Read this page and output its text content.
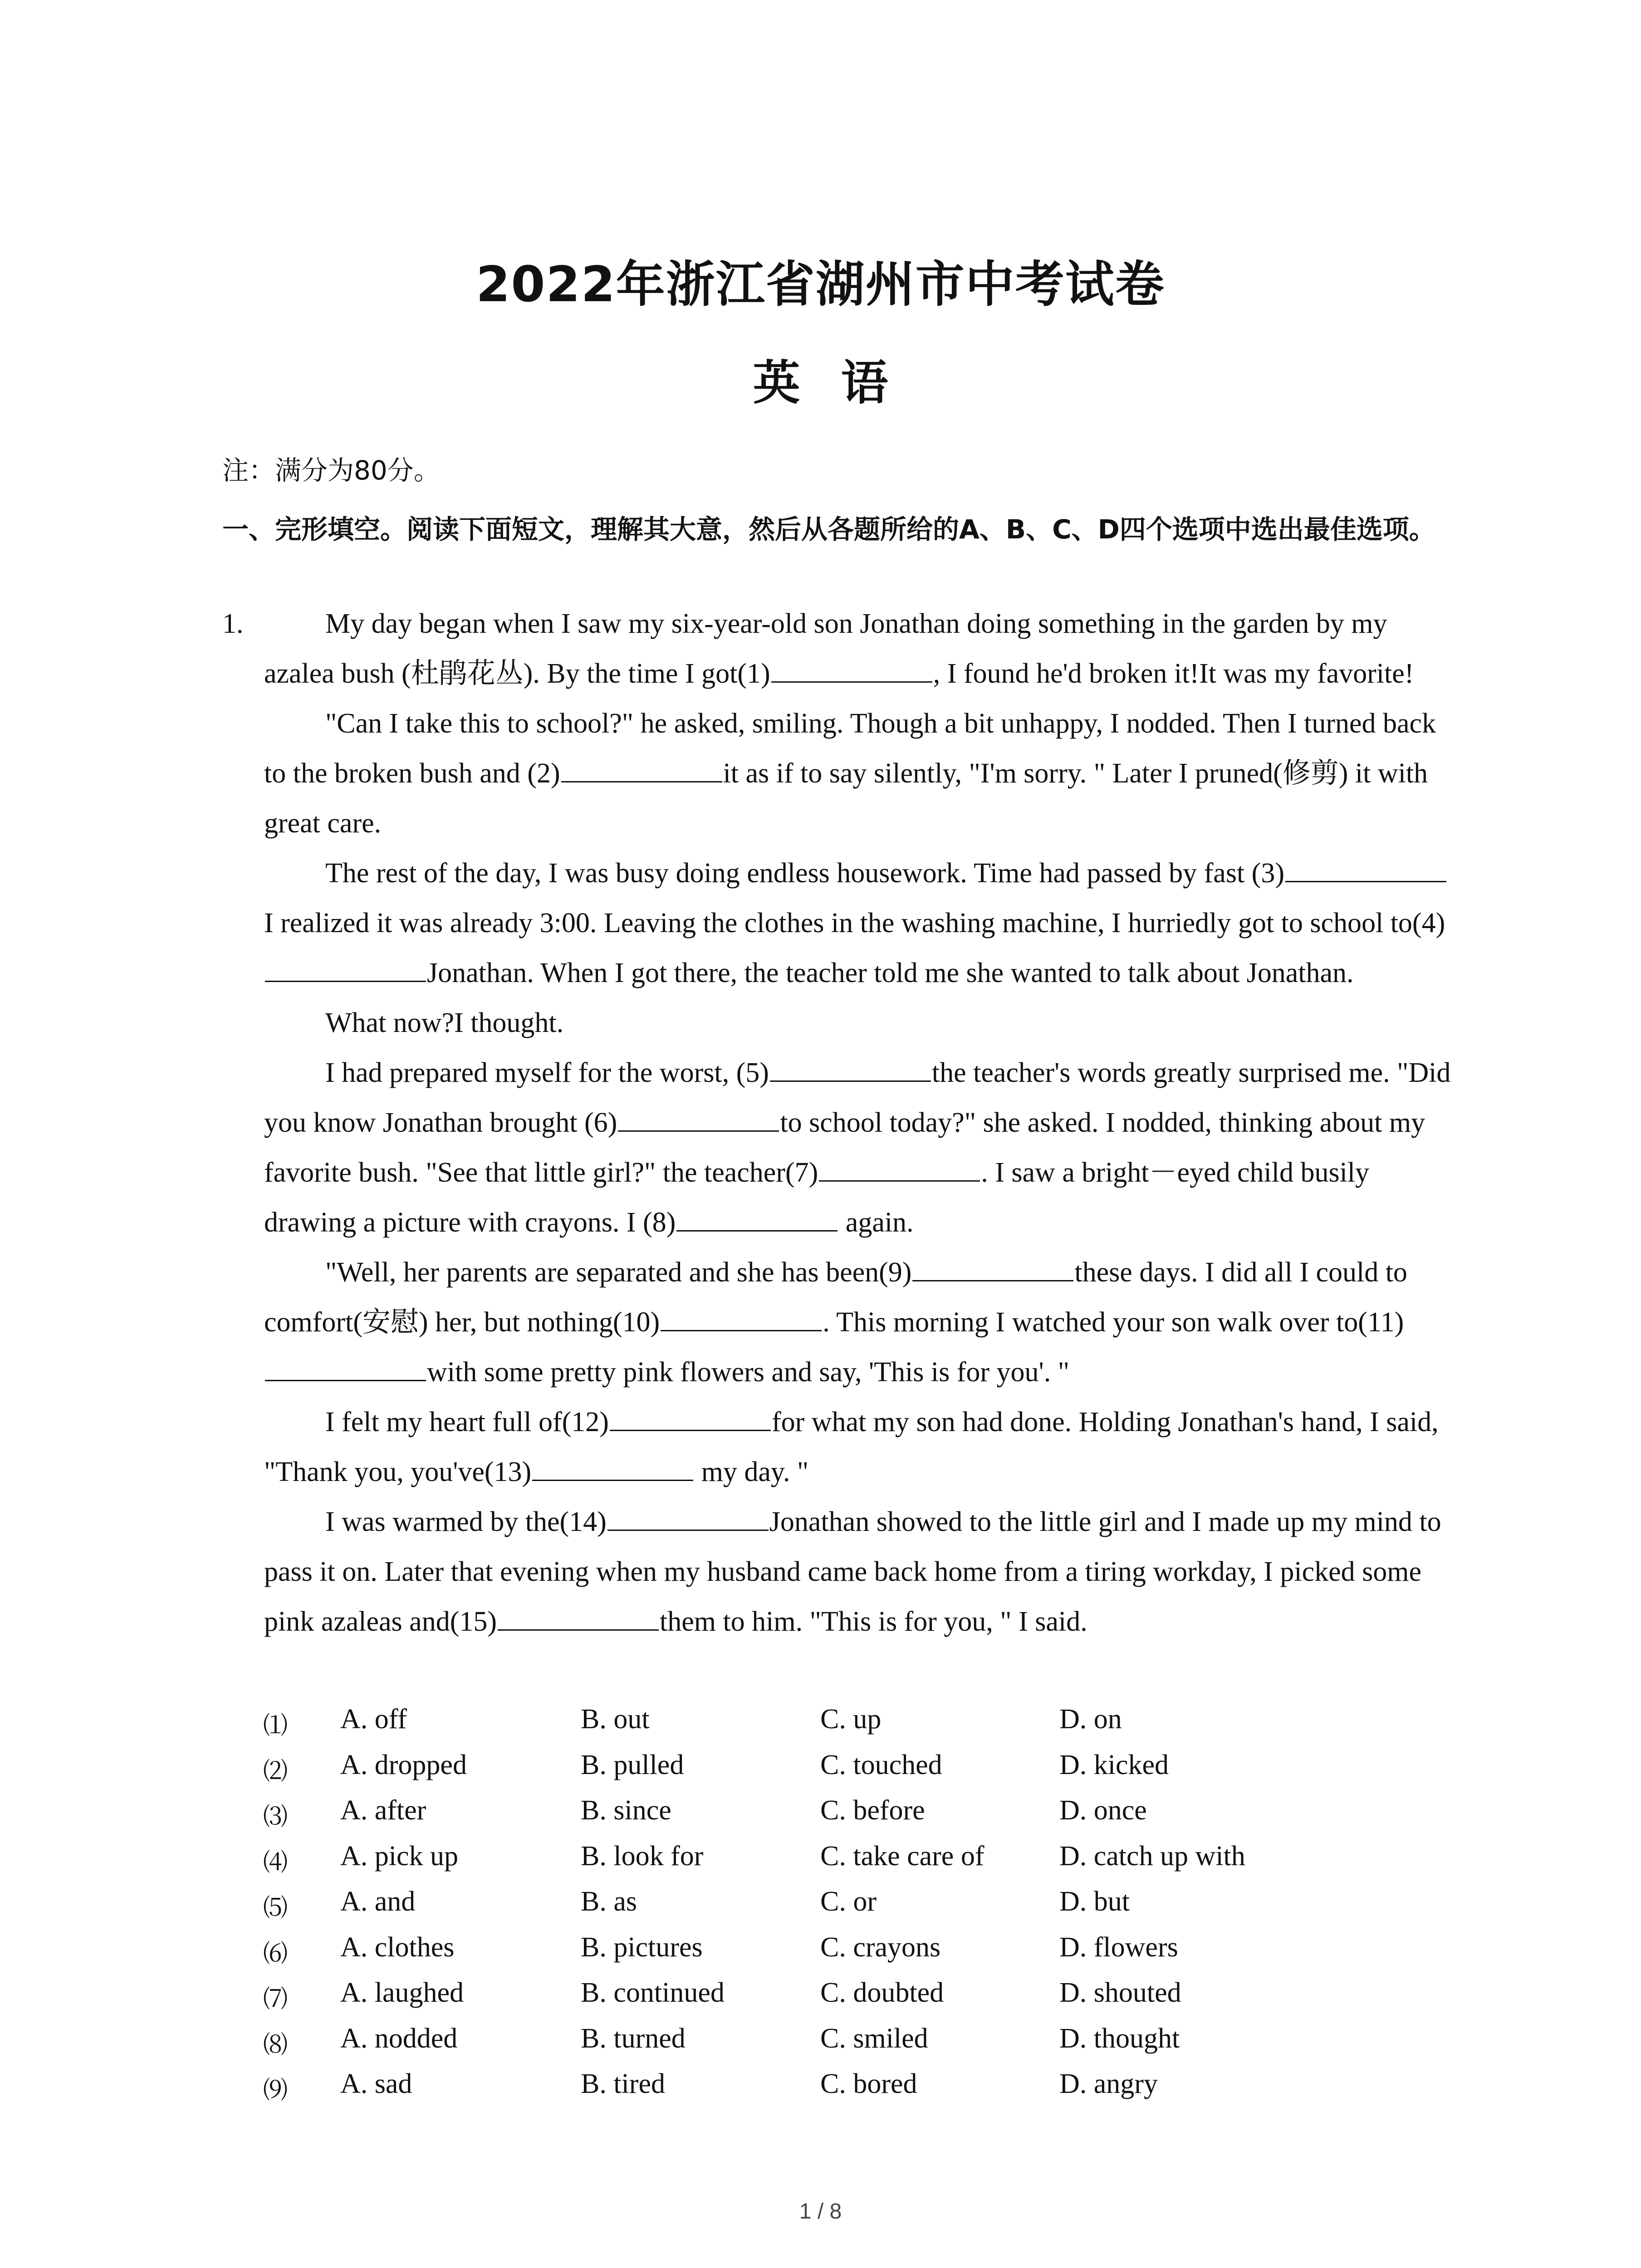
2022年浙江省湖州市中考试卷
英语
注：满分为80分。
一、完形填空。阅读下面短文，理解其大意，然后从各题所给的A、B、C、D四个选项中选出最佳选项。
1.	My day began when I saw my six-year-old son Jonathan doing something in the garden by my azalea bush (杜鹃花丛). By the time I got(1)	, I found he'd broken it!It was my favorite!

"Can I take this to school?" he asked, smiling. Though a bit unhappy, I nodded. Then I turned back to the broken bush and (2)	it as if to say silently, "I'm sorry. " Later I pruned(修剪) it with great care.

The rest of the day, I was busy doing endless housework. Time had passed by fast (3)I realized it was already 3:00. Leaving the clothes in the washing machine, I hurriedly got to school to(4)Jonathan. When I got there, the teacher told me she wanted to talk about Jonathan.

What now?I thought.

I had prepared myself for the worst, (5)	the teacher's words greatly surprised me. "Did you know Jonathan brought (6)	to school today?" she asked. I nodded, thinking about my favorite bush. "See that little girl?" the teacher(7)	. I saw a bright－eyed child busily drawing a picture with crayons. I (8)	again.

"Well, her parents are separated and she has been(9)	these days. I did all I could to comfort(安慰) her, but nothing(10)	. This morning I watched your son walk over to(11)with some pretty pink flowers and say, 'This is for you'. "

I felt my heart full of(12)	for what my son had done. Holding Jonathan's hand, I said, "Thank you, you've(13)	my day. "

I was warmed by the(14)	Jonathan showed to the little girl and I made up my mind to pass it on. Later that evening when my husband came back home from a tiring workday, I picked some pink azaleas and(15)	them to him. "This is for you, " I said.

⑴ A. off	B. out	C. up	D. on
⑵ A. dropped	B. pulled	C. touched	D. kicked
⑶ A. after	B. since	C. before	D. once
⑷ A. pick up	B. look for	C. take care of	D. catch up with
⑸ A. and	B. as	C. or	D. but
⑹ A. clothes	B. pictures	C. crayons	D. flowers
⑺ A. laughed	B. continued	C. doubted	D. shouted
⑻ A. nodded	B. turned	C. smiled	D. thought
⑼ A. sad	B. tired	C. bored	D. angry
1 / 8
